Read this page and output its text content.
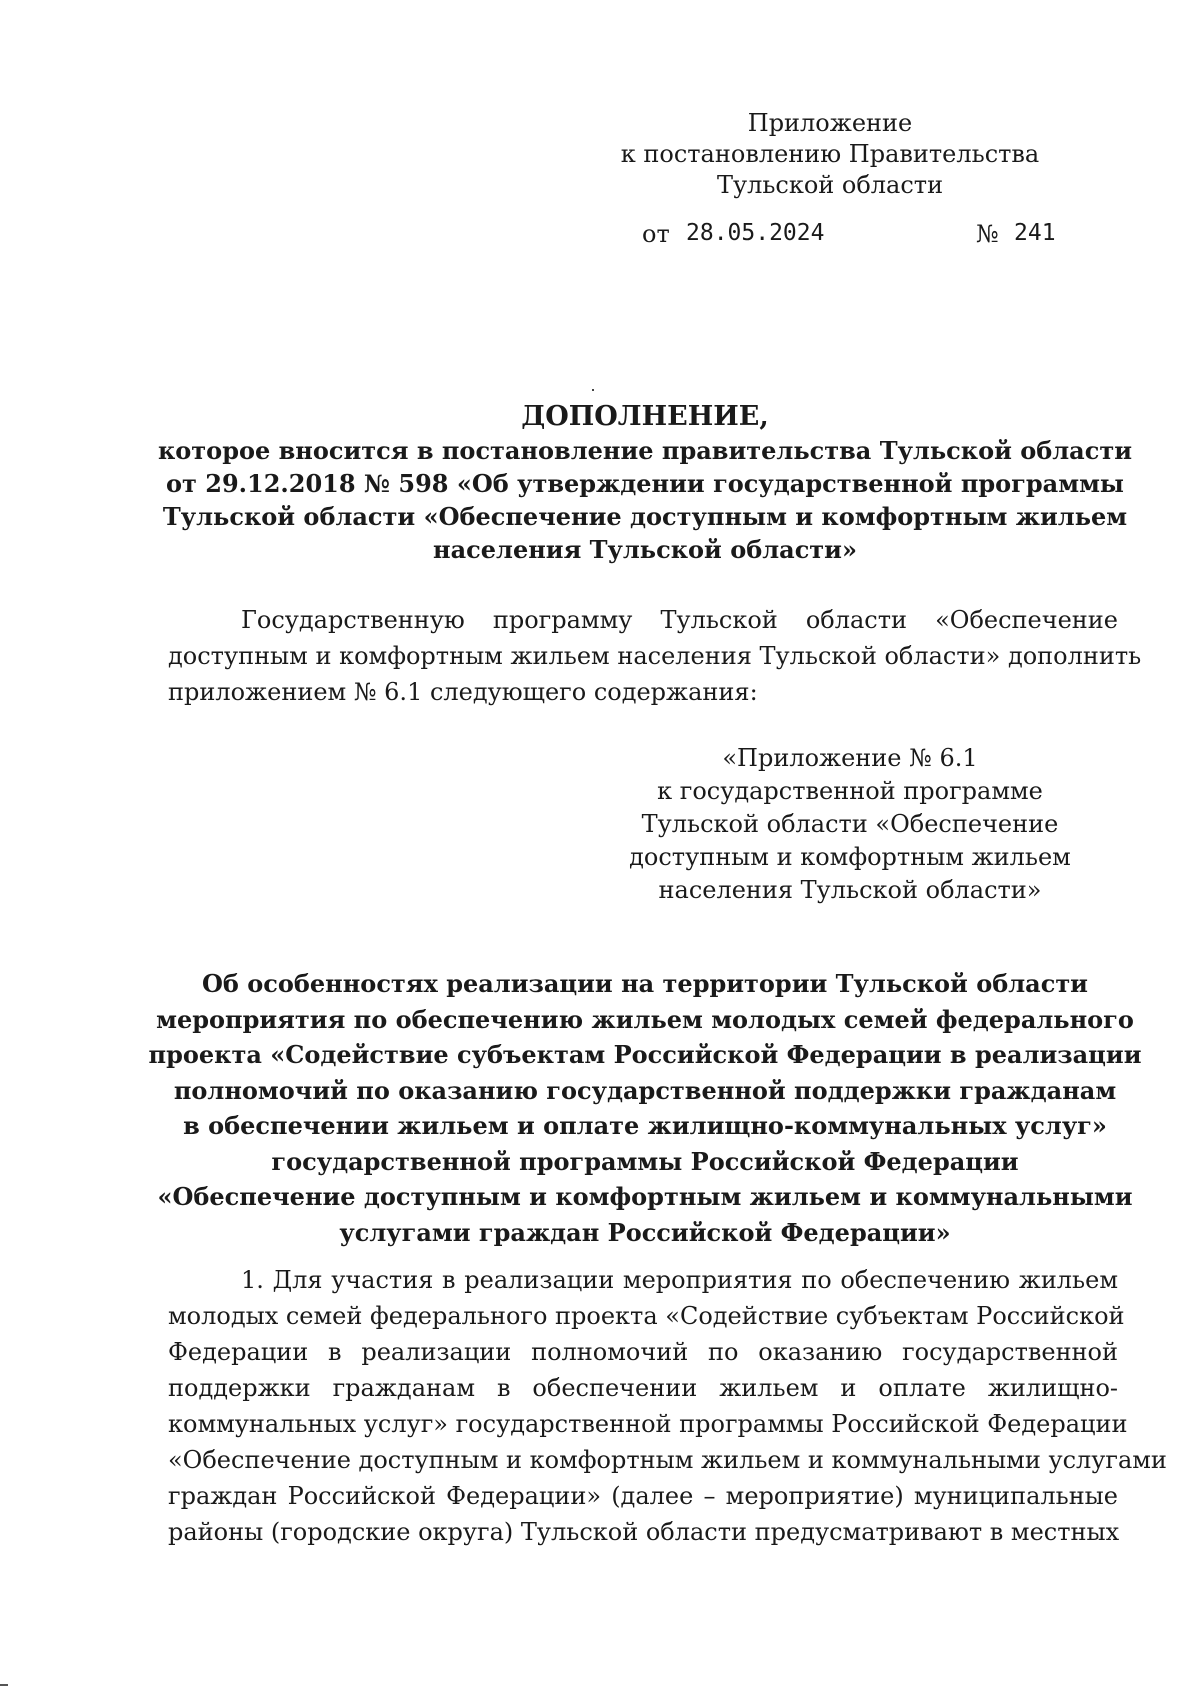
Приложение
к постановлению Правительства
Тульской области
от 28.05.2024	№ 241
ДОПОЛНЕНИЕ,
которое вносится в постановление правительства Тульской области
от 29.12.2018 № 598 «Об утверждении государственной программы
Тульской области «Обеспечение доступным и комфортным жильем
населения Тульской области»
Государственную программу Тульской области «Обеспечение
доступным и комфортным жильем населения Тульской области» дополнить
приложением № 6.1 следующего содержания:
«Приложение № 6.1
к государственной программе
Тульской области «Обеспечение
доступным и комфортным жильем
населения Тульской области»
Об особенностях реализации на территории Тульской области
мероприятия по обеспечению жильем молодых семей федерального
проекта «Содействие субъектам Российской Федерации в реализации
полномочий по оказанию государственной поддержки гражданам
в обеспечении жильем и оплате жилищно-коммунальных услуг»
государственной программы Российской Федерации
«Обеспечение доступным и комфортным жильем и коммунальными
услугами граждан Российской Федерации»
1. Для участия в реализации мероприятия по обеспечению жильем
молодых семей федерального проекта «Содействие субъектам Российской
Федерации в реализации полномочий по оказанию государственной
поддержки гражданам в обеспечении жильем и оплате жилищно-
коммунальных услуг» государственной программы Российской Федерации
«Обеспечение доступным и комфортным жильем и коммунальными услугами
граждан Российской Федерации» (далее – мероприятие) муниципальные
районы (городские округа) Тульской области предусматривают в местных
